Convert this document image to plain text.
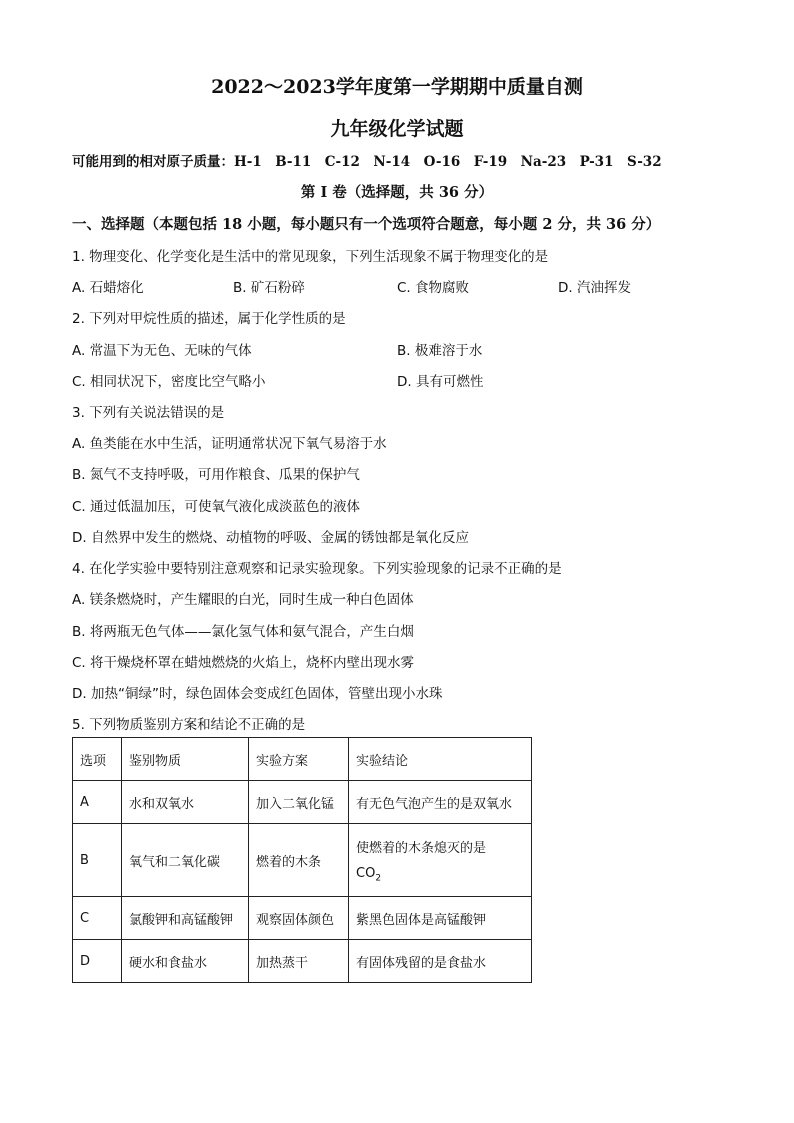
2022～2023学年度第一学期期中质量自测
九年级化学试题
可能用到的相对原子质量：H-1　B-11　C-12　N-14　O-16　F-19　Na-23　P-31　S-32
第 I 卷（选择题，共 36 分）
一、选择题（本题包括 18 小题，每小题只有一个选项符合题意，每小题 2 分，共 36 分）
1. 物理变化、化学变化是生活中的常见现象，下列生活现象不属于物理变化的是
A. 石蜡熔化	B. 矿石粉碎	C. 食物腐败	D. 汽油挥发
2. 下列对甲烷性质的描述，属于化学性质的是
A. 常温下为无色、无味的气体	B. 极难溶于水
C. 相同状况下，密度比空气略小	D. 具有可燃性
3. 下列有关说法错误的是
A. 鱼类能在水中生活，证明通常状况下氧气易溶于水
B. 氮气不支持呼吸，可用作粮食、瓜果的保护气
C. 通过低温加压，可使氧气液化成淡蓝色的液体
D. 自然界中发生的燃烧、动植物的呼吸、金属的锈蚀都是氧化反应
4. 在化学实验中要特别注意观察和记录实验现象。下列实验现象的记录不正确的是
A. 镁条燃烧时，产生耀眼的白光，同时生成一种白色固体
B. 将两瓶无色气体——氯化氢气体和氨气混合，产生白烟
C. 将干燥烧杯罩在蜡烛燃烧的火焰上，烧杯内壁出现水雾
D. 加热“铜绿”时，绿色固体会变成红色固体，管壁出现小水珠
5. 下列物质鉴别方案和结论不正确的是
选项	鉴别物质	实验方案	实验结论
A	水和双氧水	加入二氧化锰	有无色气泡产生的是双氧水
B	氧气和二氧化碳	燃着的木条	使燃着的木条熄灭的是
$CO_2$

C	氯酸钾和高锰酸钾	观察固体颜色	紫黑色固体是高锰酸钾
D	硬水和食盐水	加热蒸干	有固体残留的是食盐水
